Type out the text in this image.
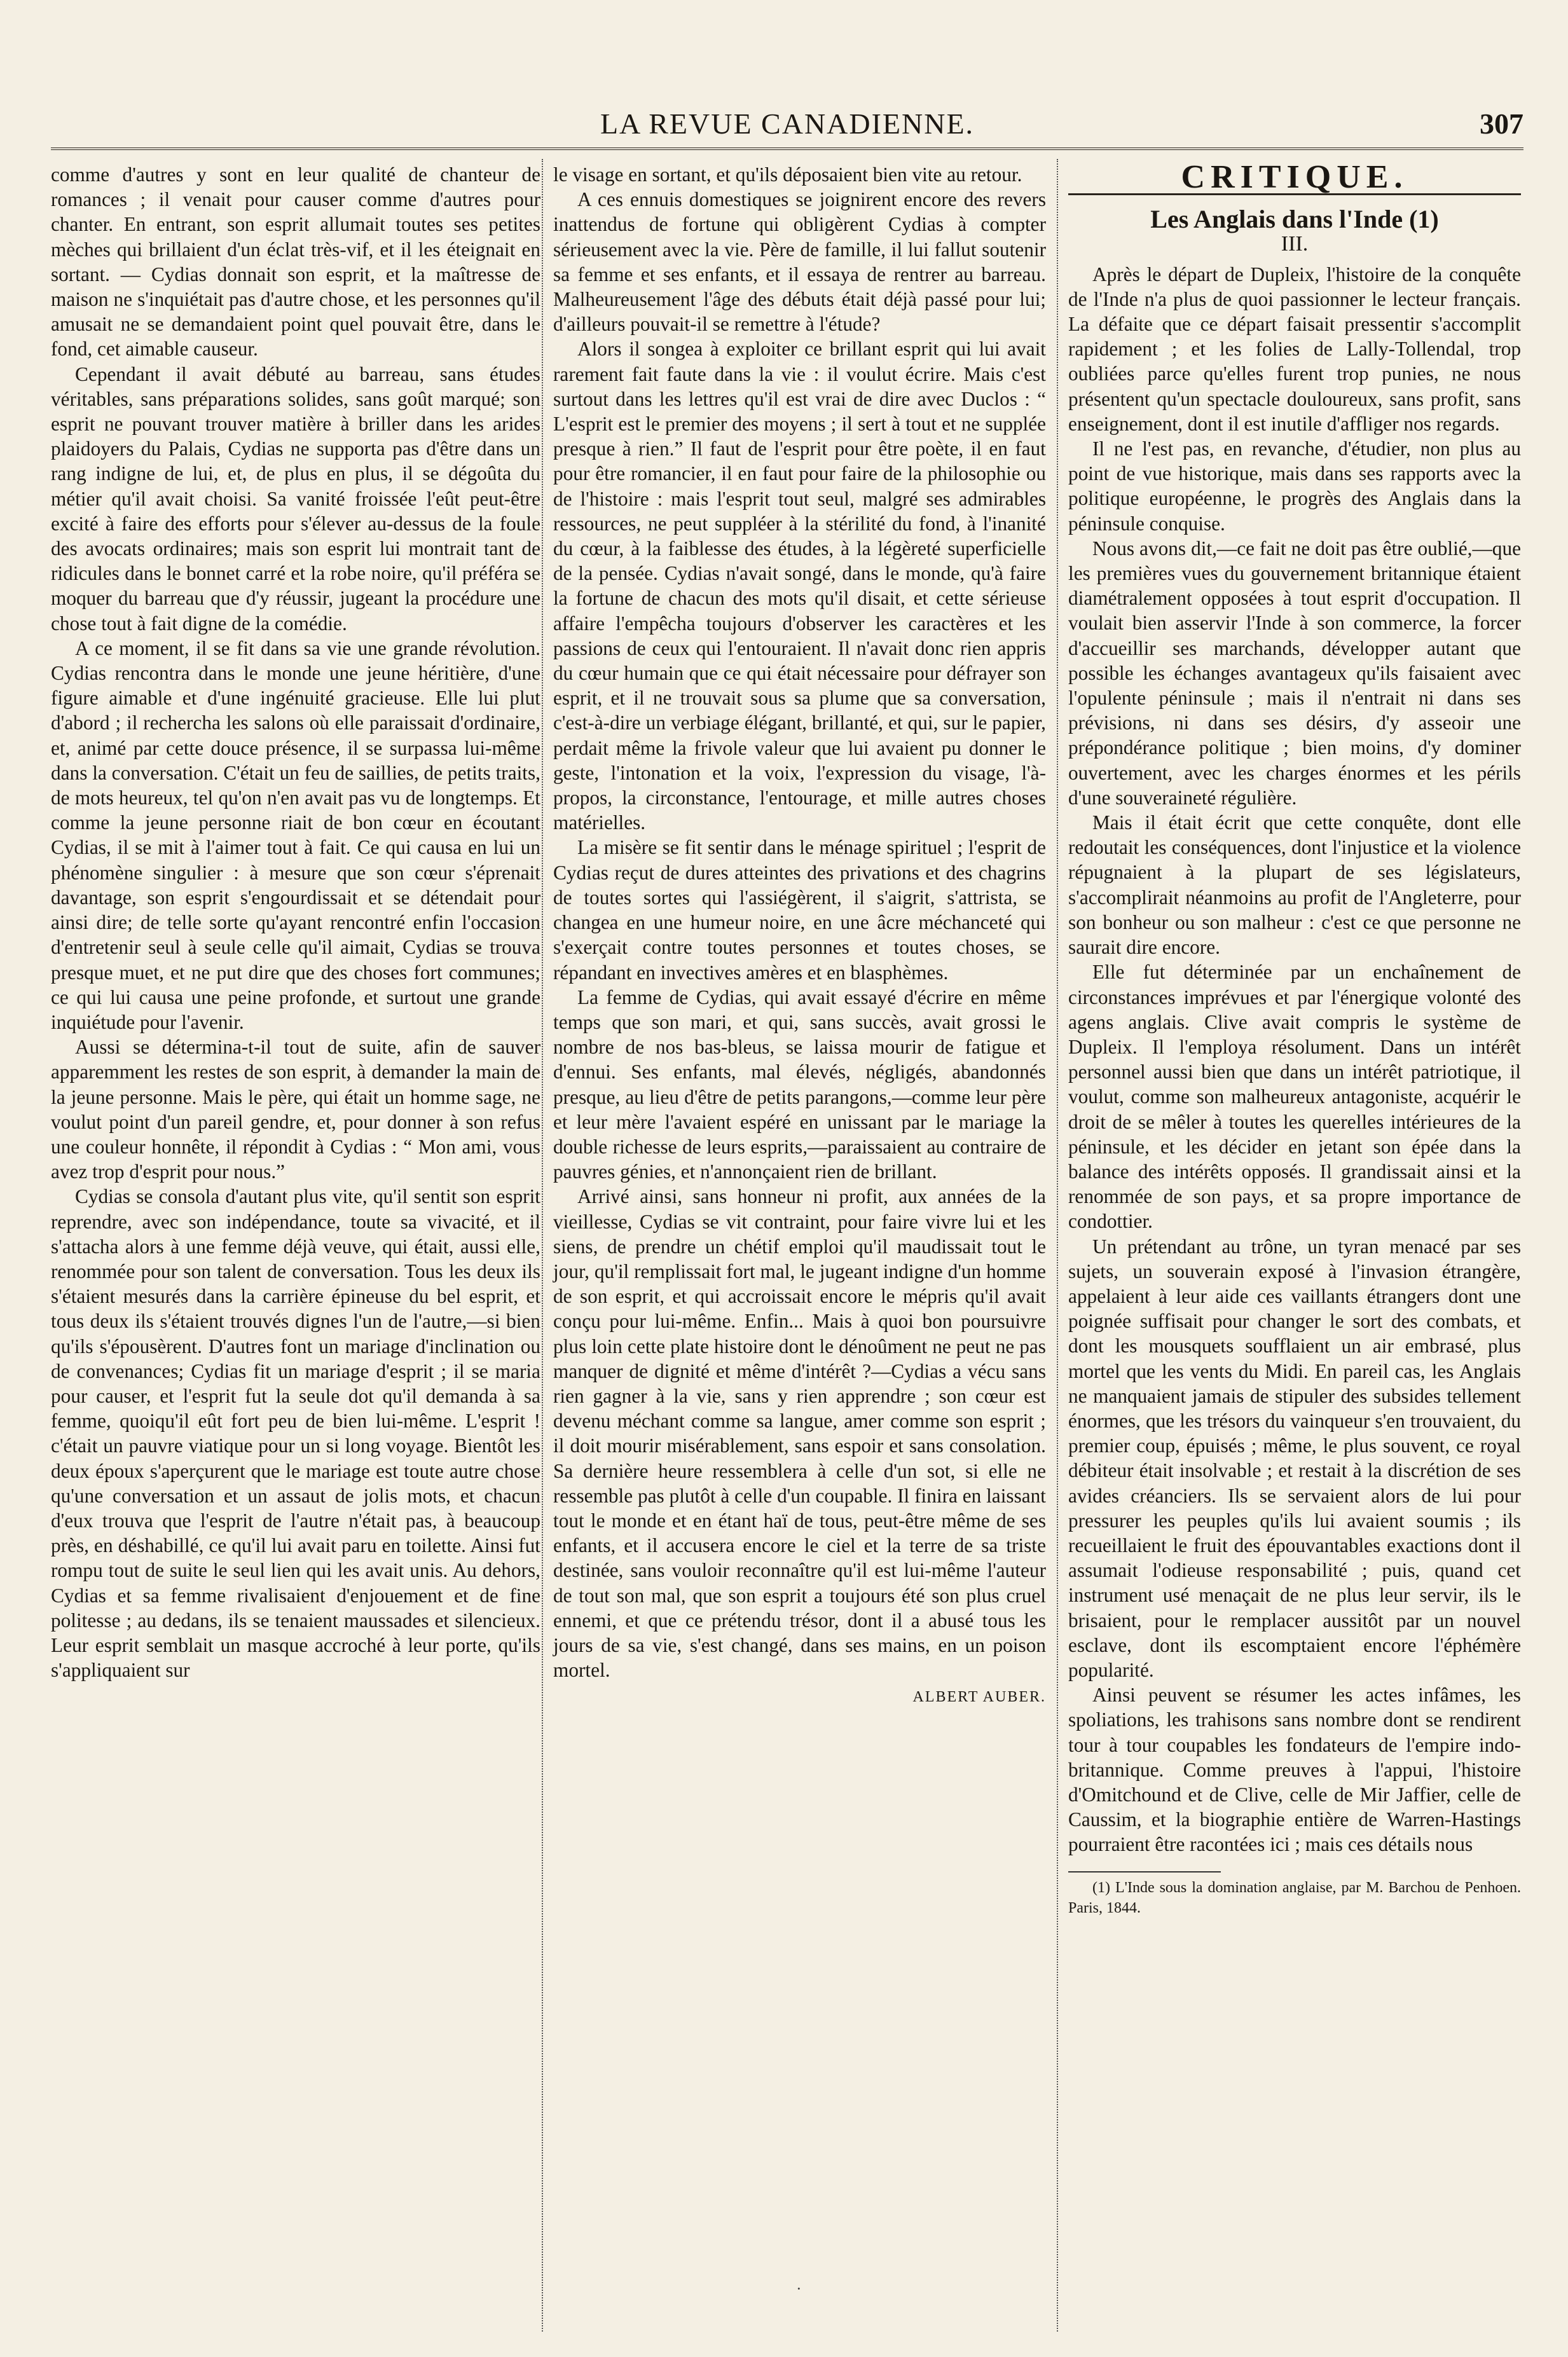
LA REVUE CANADIENNE.	307

comme d'autres y sont en leur qualité de chanteur de romances ; il venait pour causer comme d'autres pour chanter. En entrant, son esprit allumait toutes ses petites mèches qui brillaient d'un éclat très-vif, et il les éteignait en sortant. — Cydias donnait son esprit, et la maîtresse de maison ne s'inquiétait pas d'autre chose, et les personnes qu'il amusait ne se demandaient point quel pouvait être, dans le fond, cet aimable causeur.

Cependant il avait débuté au barreau, sans études véritables, sans préparations solides, sans goût marqué; son esprit ne pouvant trouver matière à briller dans les arides plaidoyers du Palais, Cydias ne supporta pas d'être dans un rang indigne de lui, et, de plus en plus, il se dégoûta du métier qu'il avait choisi. Sa vanité froissée l'eût peut-être excité à faire des efforts pour s'élever au-dessus de la foule des avocats ordinaires; mais son esprit lui montrait tant de ridicules dans le bonnet carré et la robe noire, qu'il préféra se moquer du barreau que d'y réussir, jugeant la procédure une chose tout à fait digne de la comédie.

A ce moment, il se fit dans sa vie une grande révolution. Cydias rencontra dans le monde une jeune héritière, d'une figure aimable et d'une ingénuité gracieuse. Elle lui plut d'abord ; il rechercha les salons où elle paraissait d'ordinaire, et, animé par cette douce présence, il se surpassa lui-même dans la conversation. C'était un feu de saillies, de petits traits, de mots heureux, tel qu'on n'en avait pas vu de longtemps. Et comme la jeune personne riait de bon cœur en écoutant Cydias, il se mit à l'aimer tout à fait. Ce qui causa en lui un phénomène singulier : à mesure que son cœur s'éprenait davantage, son esprit s'engourdissait et se détendait pour ainsi dire; de telle sorte qu'ayant rencontré enfin l'occasion d'entretenir seul à seule celle qu'il aimait, Cydias se trouva presque muet, et ne put dire que des choses fort communes; ce qui lui causa une peine profonde, et surtout une grande inquiétude pour l'avenir.

Aussi se détermina-t-il tout de suite, afin de sauver apparemment les restes de son esprit, à demander la main de la jeune personne. Mais le père, qui était un homme sage, ne voulut point d'un pareil gendre, et, pour donner à son refus une couleur honnête, il répondit à Cydias : “ Mon ami, vous avez trop d'esprit pour nous.”

Cydias se consola d'autant plus vite, qu'il sentit son esprit reprendre, avec son indépendance, toute sa vivacité, et il s'attacha alors à une femme déjà veuve, qui était, aussi elle, renommée pour son talent de conversation. Tous les deux ils s'étaient mesurés dans la carrière épineuse du bel esprit, et tous deux ils s'étaient trouvés dignes l'un de l'autre,—si bien qu'ils s'épousèrent. D'autres font un mariage d'inclination ou de convenances; Cydias fit un mariage d'esprit ; il se maria pour causer, et l'esprit fut la seule dot qu'il demanda à sa femme, quoiqu'il eût fort peu de bien lui-même. L'esprit ! c'était un pauvre viatique pour un si long voyage. Bientôt les deux époux s'aperçurent que le mariage est toute autre chose qu'une conversation et un assaut de jolis mots, et chacun d'eux trouva que l'esprit de l'autre n'était pas, à beaucoup près, en déshabillé, ce qu'il lui avait paru en toilette. Ainsi fut rompu tout de suite le seul lien qui les avait unis. Au dehors, Cydias et sa femme rivalisaient d'enjouement et de fine politesse ; au dedans, ils se tenaient maussades et silencieux. Leur esprit semblait un masque accroché à leur porte, qu'ils s'appliquaient sur

le visage en sortant, et qu'ils déposaient bien vite au retour.

A ces ennuis domestiques se joignirent encore des revers inattendus de fortune qui obligèrent Cydias à compter sérieusement avec la vie. Père de famille, il lui fallut soutenir sa femme et ses enfants, et il essaya de rentrer au barreau. Malheureusement l'âge des débuts était déjà passé pour lui; d'ailleurs pouvait-il se remettre à l'étude?

Alors il songea à exploiter ce brillant esprit qui lui avait rarement fait faute dans la vie : il voulut écrire. Mais c'est surtout dans les lettres qu'il est vrai de dire avec Duclos : “ L'esprit est le premier des moyens ; il sert à tout et ne supplée presque à rien.” Il faut de l'esprit pour être poète, il en faut pour être romancier, il en faut pour faire de la philosophie ou de l'histoire : mais l'esprit tout seul, malgré ses admirables ressources, ne peut suppléer à la stérilité du fond, à l'inanité du cœur, à la faiblesse des études, à la légèreté superficielle de la pensée. Cydias n'avait songé, dans le monde, qu'à faire la fortune de chacun des mots qu'il disait, et cette sérieuse affaire l'empêcha toujours d'observer les caractères et les passions de ceux qui l'entouraient. Il n'avait donc rien appris du cœur humain que ce qui était nécessaire pour défrayer son esprit, et il ne trouvait sous sa plume que sa conversation, c'est-à-dire un verbiage élégant, brillanté, et qui, sur le papier, perdait même la frivole valeur que lui avaient pu donner le geste, l'intonation et la voix, l'expression du visage, l'à-propos, la circonstance, l'entourage, et mille autres choses matérielles.

La misère se fit sentir dans le ménage spirituel ; l'esprit de Cydias reçut de dures atteintes des privations et des chagrins de toutes sortes qui l'assiégèrent, il s'aigrit, s'attrista, se changea en une humeur noire, en une âcre méchanceté qui s'exerçait contre toutes personnes et toutes choses, se répandant en invectives amères et en blasphèmes.

La femme de Cydias, qui avait essayé d'écrire en même temps que son mari, et qui, sans succès, avait grossi le nombre de nos bas-bleus, se laissa mourir de fatigue et d'ennui. Ses enfants, mal élevés, négligés, abandonnés presque, au lieu d'être de petits parangons,—comme leur père et leur mère l'avaient espéré en unissant par le mariage la double richesse de leurs esprits,—paraissaient au contraire de pauvres génies, et n'annonçaient rien de brillant.

Arrivé ainsi, sans honneur ni profit, aux années de la vieillesse, Cydias se vit contraint, pour faire vivre lui et les siens, de prendre un chétif emploi qu'il maudissait tout le jour, qu'il remplissait fort mal, le jugeant indigne d'un homme de son esprit, et qui accroissait encore le mépris qu'il avait conçu pour lui-même. Enfin... Mais à quoi bon poursuivre plus loin cette plate histoire dont le dénoûment ne peut ne pas manquer de dignité et même d'intérêt ?—Cydias a vécu sans rien gagner à la vie, sans y rien apprendre ; son cœur est devenu méchant comme sa langue, amer comme son esprit ; il doit mourir misérablement, sans espoir et sans consolation. Sa dernière heure ressemblera à celle d'un sot, si elle ne ressemble pas plutôt à celle d'un coupable. Il finira en laissant tout le monde et en étant haï de tous, peut-être même de ses enfants, et il accusera encore le ciel et la terre de sa triste destinée, sans vouloir reconnaître qu'il est lui-même l'auteur de tout son mal, que son esprit a toujours été son plus cruel ennemi, et que ce prétendu trésor, dont il a abusé tous les jours de sa vie, s'est changé, dans ses mains, en un poison mortel.

ALBERT AUBER.
CRITIQUE.
Les Anglais dans l'Inde (1)
III.

Après le départ de Dupleix, l'histoire de la conquête de l'Inde n'a plus de quoi passionner le lecteur français. La défaite que ce départ faisait pressentir s'accomplit rapidement ; et les folies de Lally-Tollendal, trop oubliées parce qu'elles furent trop punies, ne nous présentent qu'un spectacle douloureux, sans profit, sans enseignement, dont il est inutile d'affliger nos regards.

Il ne l'est pas, en revanche, d'étudier, non plus au point de vue historique, mais dans ses rapports avec la politique européenne, le progrès des Anglais dans la péninsule conquise.

Nous avons dit,—ce fait ne doit pas être oublié,—que les premières vues du gouvernement britannique étaient diamétralement opposées à tout esprit d'occupation. Il voulait bien asservir l'Inde à son commerce, la forcer d'accueillir ses marchands, développer autant que possible les échanges avantageux qu'ils faisaient avec l'opulente péninsule ; mais il n'entrait ni dans ses prévisions, ni dans ses désirs, d'y asseoir une prépondérance politique ; bien moins, d'y dominer ouvertement, avec les charges énormes et les périls d'une souveraineté régulière.

Mais il était écrit que cette conquête, dont elle redoutait les conséquences, dont l'injustice et la violence répugnaient à la plupart de ses législateurs, s'accomplirait néanmoins au profit de l'Angleterre, pour son bonheur ou son malheur : c'est ce que personne ne saurait dire encore.

Elle fut déterminée par un enchaînement de circonstances imprévues et par l'énergique volonté des agens anglais. Clive avait compris le système de Dupleix. Il l'employa résolument. Dans un intérêt personnel aussi bien que dans un intérêt patriotique, il voulut, comme son malheureux antagoniste, acquérir le droit de se mêler à toutes les querelles intérieures de la péninsule, et les décider en jetant son épée dans la balance des intérêts opposés. Il grandissait ainsi et la renommée de son pays, et sa propre importance de condottier.

Un prétendant au trône, un tyran menacé par ses sujets, un souverain exposé à l'invasion étrangère, appelaient à leur aide ces vaillants étrangers dont une poignée suffisait pour changer le sort des combats, et dont les mousquets soufflaient un air embrasé, plus mortel que les vents du Midi. En pareil cas, les Anglais ne manquaient jamais de stipuler des subsides tellement énormes, que les trésors du vainqueur s'en trouvaient, du premier coup, épuisés ; même, le plus souvent, ce royal débiteur était insolvable ; et restait à la discrétion de ses avides créanciers. Ils se servaient alors de lui pour pressurer les peuples qu'ils lui avaient soumis ; ils recueillaient le fruit des épouvantables exactions dont il assumait l'odieuse responsabilité ; puis, quand cet instrument usé menaçait de ne plus leur servir, ils le brisaient, pour le remplacer aussitôt par un nouvel esclave, dont ils escomptaient encore l'éphémère popularité.

Ainsi peuvent se résumer les actes infâmes, les spoliations, les trahisons sans nombre dont se rendirent tour à tour coupables les fondateurs de l'empire indo-britannique. Comme preuves à l'appui, l'histoire d'Omitchound et de Clive, celle de Mir Jaffier, celle de Caussim, et la biographie entière de Warren-Hastings pourraient être racontées ici ; mais ces détails nous

(1) L'Inde sous la domination anglaise, par M. Barchou de Penhoen. Paris, 1844.

·
